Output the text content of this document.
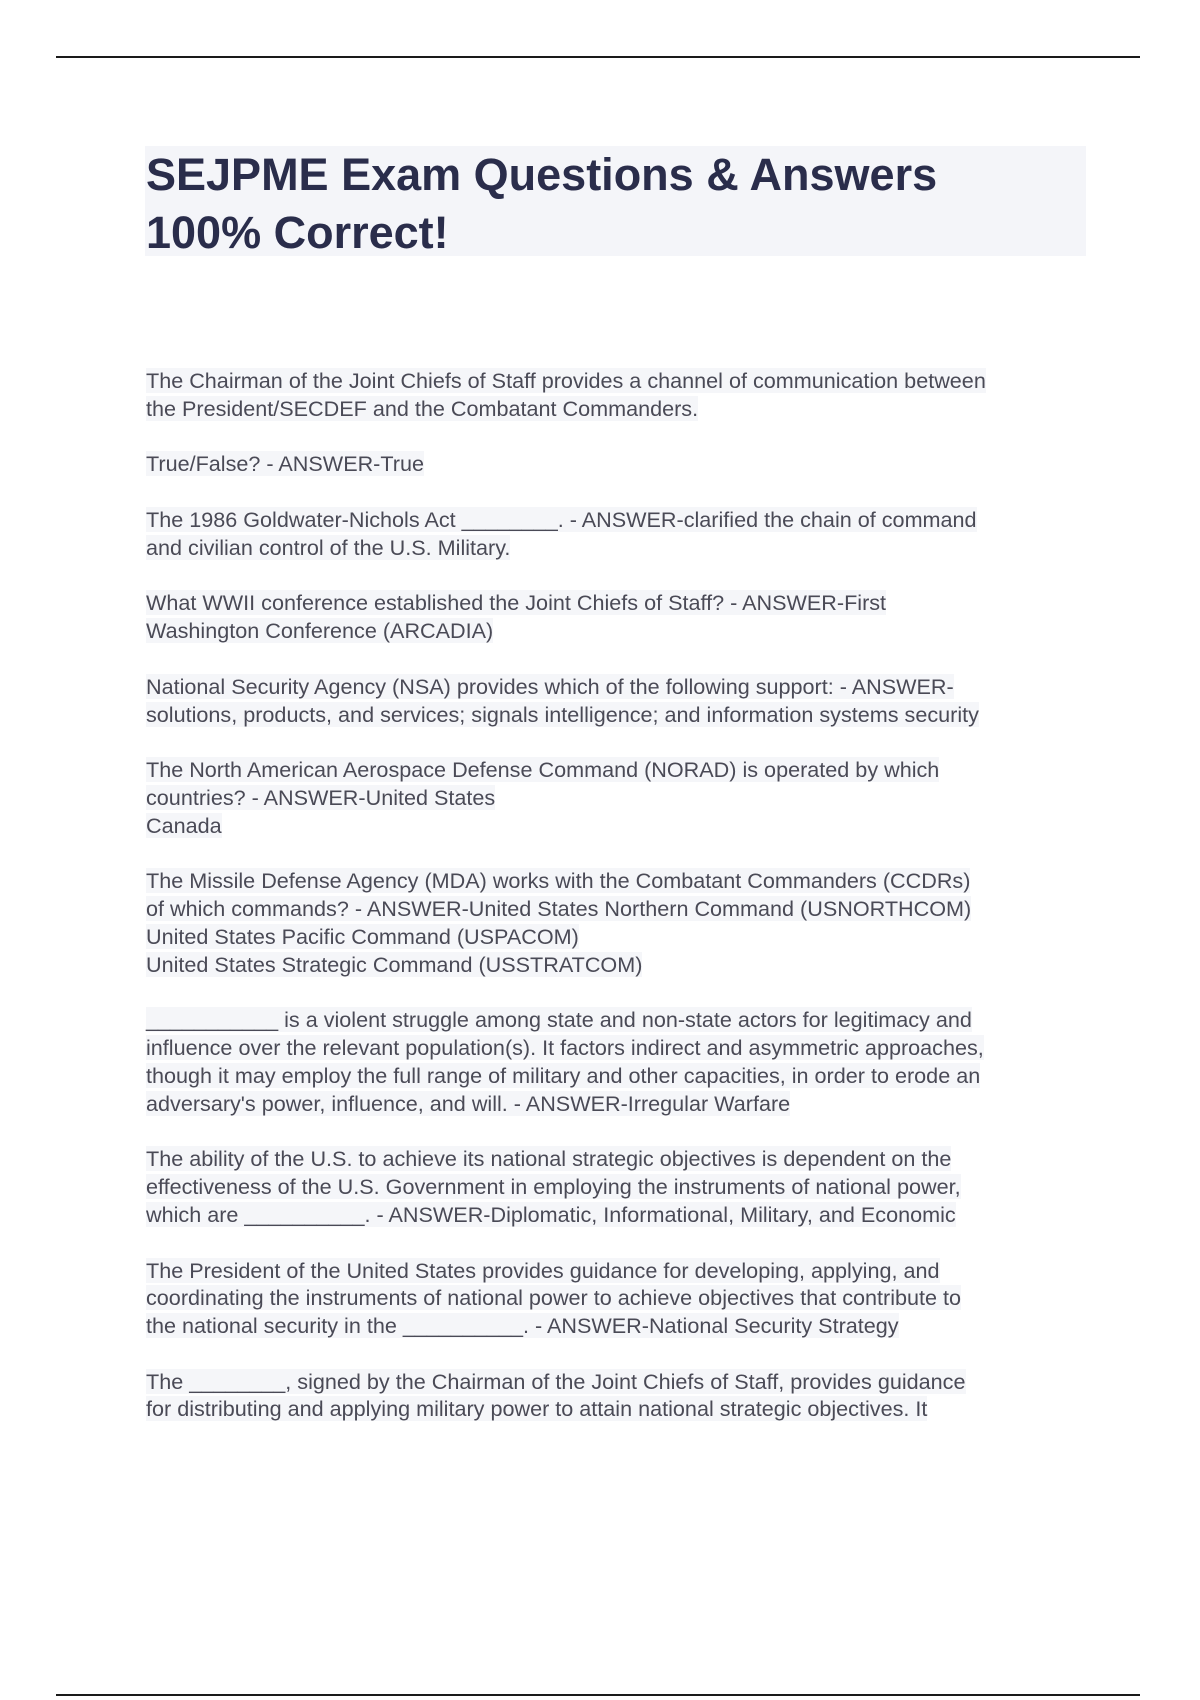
SEJPME Exam Questions & Answers
100% Correct!

The Chairman of the Joint Chiefs of Staff provides a channel of communication between
the President/SECDEF and the Combatant Commanders.

True/False? - ANSWER-True

The 1986 Goldwater-Nichols Act ________. - ANSWER-clarified the chain of command
and civilian control of the U.S. Military.

What WWII conference established the Joint Chiefs of Staff? - ANSWER-First
Washington Conference (ARCADIA)

National Security Agency (NSA) provides which of the following support: - ANSWER-
solutions, products, and services; signals intelligence; and information systems security

The North American Aerospace Defense Command (NORAD) is operated by which
countries? - ANSWER-United States
Canada

The Missile Defense Agency (MDA) works with the Combatant Commanders (CCDRs)
of which commands? - ANSWER-United States Northern Command (USNORTHCOM)
United States Pacific Command (USPACOM)
United States Strategic Command (USSTRATCOM)

___________ is a violent struggle among state and non-state actors for legitimacy and
influence over the relevant population(s). It factors indirect and asymmetric approaches,
though it may employ the full range of military and other capacities, in order to erode an
adversary's power, influence, and will. - ANSWER-Irregular Warfare

The ability of the U.S. to achieve its national strategic objectives is dependent on the
effectiveness of the U.S. Government in employing the instruments of national power,
which are __________. - ANSWER-Diplomatic, Informational, Military, and Economic

The President of the United States provides guidance for developing, applying, and
coordinating the instruments of national power to achieve objectives that contribute to
the national security in the __________. - ANSWER-National Security Strategy

The ________, signed by the Chairman of the Joint Chiefs of Staff, provides guidance
for distributing and applying military power to attain national strategic objectives. It
